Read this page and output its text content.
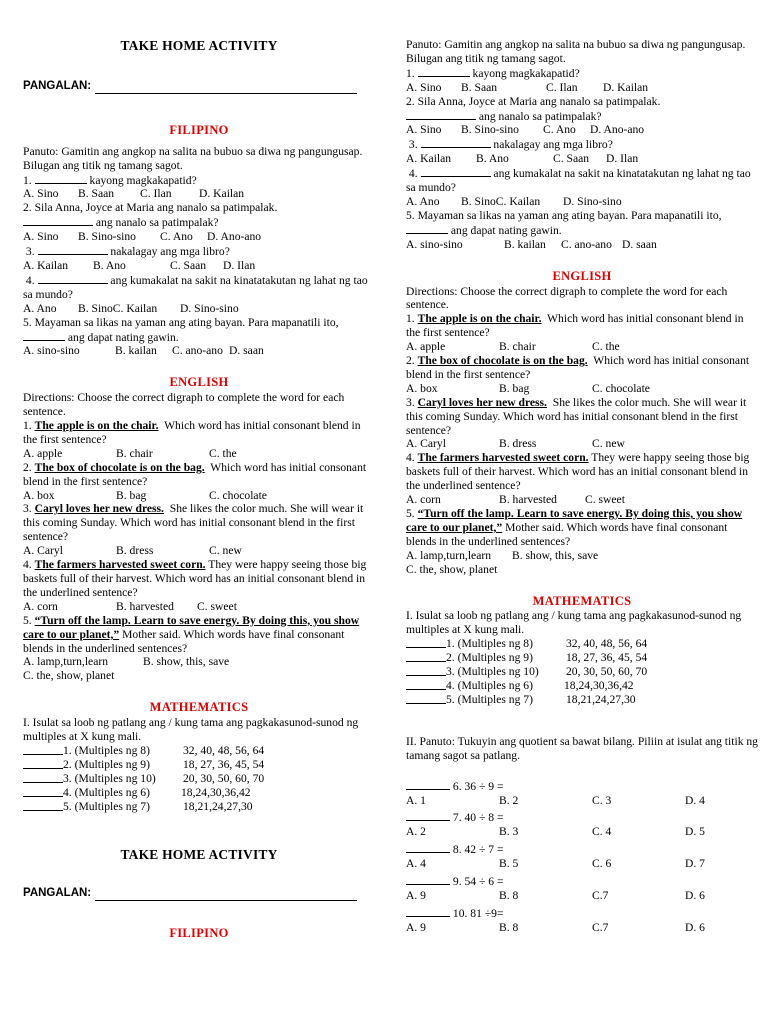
TAKE HOME ACTIVITY
PANGALAN:
FILIPINO

Panuto: Gamitin ang angkop na salita na bubuo sa diwa ng pangungusap. Bilugan ang titik ng tamang sagot.

1.	kayong magkakapatid?

A. Sino	B. Saan	C. Ilan	D. Kailan

2. Sila Anna, Joyce at Maria ang nanalo sa patimpalak.

ang nanalo sa patimpalak?

A. Sino	B. Sino-sino	C. Ano	D. Ano-ano

3.	nakalagay ang mga libro?

A. Kailan	B. Ano	C. Saan	D. Ilan

4.	ang kumakalat na sakit na kinatatakutan ng lahat ng tao sa mundo?

A. Ano	B. SinoC. Kailan	D. Sino-sino

5. Mayaman sa likas na yaman ang ating bayan. Para mapanatili ito,

ang dapat nating gawin.

A. sino-sino	B. kailan	C. ano-ano D. saan
ENGLISH

Directions: Choose the correct digraph to complete the word for each sentence.

1. The apple is on the chair. Which word has initial consonant blend in the first sentence?

A. apple	B. chair	C. the

2. The box of chocolate is on the bag. Which word has initial consonant blend in the first sentence?

A. box	B. bag	C. chocolate

3. Caryl loves her new dress. She likes the color much. She will wear it this coming Sunday. Which word has initial consonant blend in the first sentence?

A. Caryl	B. dress	C. new

4. The farmers harvested sweet corn. They were happy seeing those big baskets full of their harvest. Which word has an initial consonant blend in the underlined sentence?

A. corn	B. harvested	C. sweet

5. “Turn off the lamp. Learn to save energy. By doing this, you show care to our planet,” Mother said. Which words have final consonant blends in the underlined sentences?

A. lamp,turn,learn	B. show, this, save

C. the, show, planet

MATHEMATICS

I. Isulat sa loob ng patlang ang / kung tama ang pagkakasunod-sunod ng multiples at X kung mali.

1. (Multiples ng 8)	32, 40, 48, 56, 64
2. (Multiples ng 9)	18, 27, 36, 45, 54
3. (Multiples ng 10)	20, 30, 50, 60, 70
4. (Multiples ng 6)	18,24,30,36,42
5. (Multiples ng 7)	18,21,24,27,30
TAKE HOME ACTIVITY
PANGALAN:
FILIPINO

Panuto: Gamitin ang angkop na salita na bubuo sa diwa ng pangungusap. Bilugan ang titik ng tamang sagot.

1.	kayong magkakapatid?

A. Sino	B. Saan	C. Ilan	D. Kailan

2. Sila Anna, Joyce at Maria ang nanalo sa patimpalak.

ang nanalo sa patimpalak?

A. Sino	B. Sino-sino	C. Ano	D. Ano-ano

3.	nakalagay ang mga libro?

A. Kailan	B. Ano	C. Saan	D. Ilan

4.	ang kumakalat na sakit na kinatatakutan ng lahat ng tao sa mundo?

A. Ano	B. SinoC. Kailan	D. Sino-sino

5. Mayaman sa likas na yaman ang ating bayan. Para mapanatili ito,

ang dapat nating gawin.

A. sino-sino	B. kailan	C. ano-ano D. saan
ENGLISH

Directions: Choose the correct digraph to complete the word for each sentence.

1. The apple is on the chair. Which word has initial consonant blend in the first sentence?

A. apple	B. chair	C. the

2. The box of chocolate is on the bag. Which word has initial consonant blend in the first sentence?

A. box	B. bag	C. chocolate

3. Caryl loves her new dress. She likes the color much. She will wear it this coming Sunday. Which word has initial consonant blend in the first sentence?

A. Caryl	B. dress	C. new

4. The farmers harvested sweet corn. They were happy seeing those big baskets full of their harvest. Which word has an initial consonant blend in the underlined sentence?

A. corn	B. harvested	C. sweet

5. “Turn off the lamp. Learn to save energy. By doing this, you show care to our planet,” Mother said. Which words have final consonant blends in the underlined sentences?

A. lamp,turn,learn	B. show, this, save

C. the, show, planet

MATHEMATICS

I. Isulat sa loob ng patlang ang / kung tama ang pagkakasunod-sunod ng multiples at X kung mali.

1. (Multiples ng 8)	32, 40, 48, 56, 64
2. (Multiples ng 9)	18, 27, 36, 45, 54
3. (Multiples ng 10)	20, 30, 50, 60, 70
4. (Multiples ng 6)	18,24,30,36,42
5. (Multiples ng 7)	18,21,24,27,30

II. Panuto: Tukuyin ang quotient sa bawat bilang. Piliin at isulat ang titik ng tamang sagot sa patlang.

6. 36 ÷ 9 =

A. 1	B. 2	C. 3	D. 4

7. 40 ÷ 8 =

A. 2	B. 3	C. 4	D. 5

8. 42 ÷ 7 =

A. 4	B. 5	C. 6	D. 7

9. 54 ÷ 6 =

A. 9	B. 8	C.7	D. 6

10. 81 ÷9=

A. 9	B. 8	C.7	D. 6
